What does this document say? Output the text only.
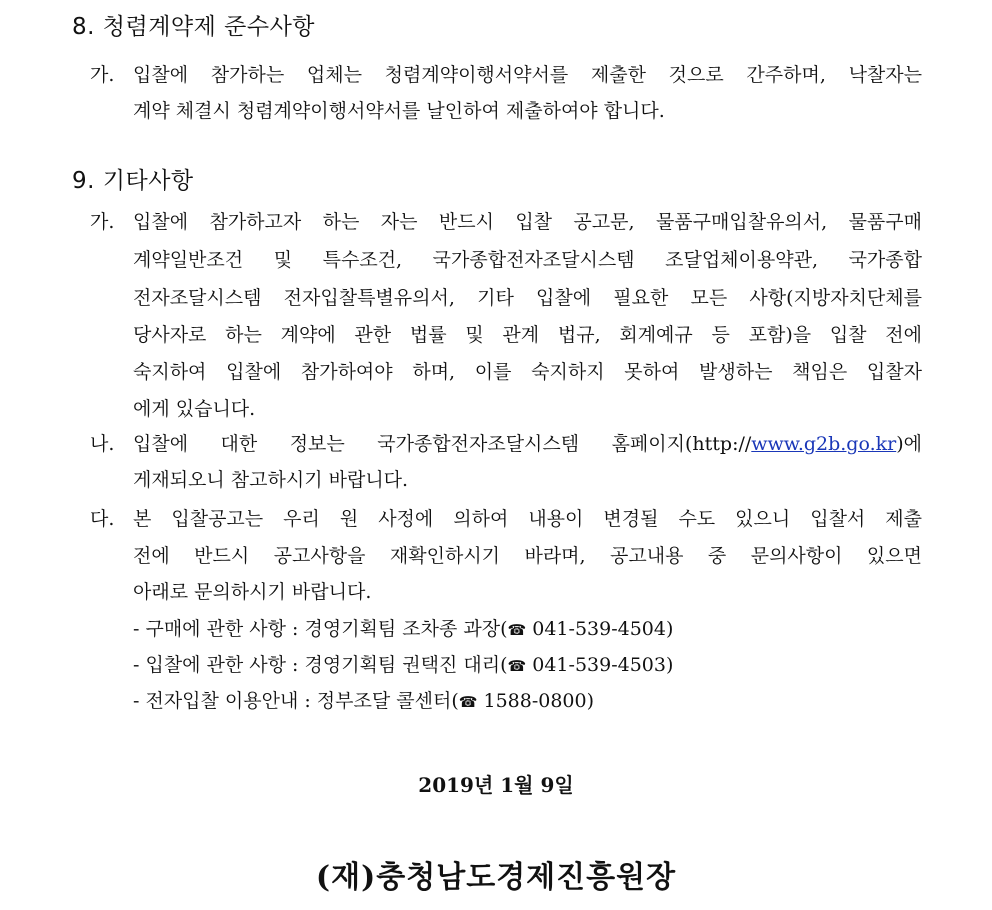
8. 청렴계약제 준수사항
가. 입찰에 참가하는 업체는 청렴계약이행서약서를 제출한 것으로 간주하며, 낙찰자는
계약 체결시 청렴계약이행서약서를 날인하여 제출하여야 합니다.
9. 기타사항
가. 입찰에 참가하고자 하는 자는 반드시 입찰 공고문, 물품구매입찰유의서, 물품구매
계약일반조건 및 특수조건, 국가종합전자조달시스템 조달업체이용약관, 국가종합
전자조달시스템 전자입찰특별유의서, 기타 입찰에 필요한 모든 사항(지방자치단체를
당사자로 하는 계약에 관한 법률 및 관계 법규, 회계예규 등 포함)을 입찰 전에
숙지하여 입찰에 참가하여야 하며, 이를 숙지하지 못하여 발생하는 책임은 입찰자
에게 있습니다.
나. 입찰에 대한 정보는 국가종합전자조달시스템 홈페이지(http://www.g2b.go.kr)에
게재되오니 참고하시기 바랍니다.
다. 본 입찰공고는 우리 원 사정에 의하여 내용이 변경될 수도 있으니 입찰서 제출
전에 반드시 공고사항을 재확인하시기 바라며, 공고내용 중 문의사항이 있으면
아래로 문의하시기 바랍니다.
- 구매에 관한 사항 : 경영기획팀 조차종 과장(☎ 041-539-4504)
- 입찰에 관한 사항 : 경영기획팀 권택진 대리(☎ 041-539-4503)
- 전자입찰 이용안내 : 정부조달 콜센터(☎ 1588-0800)
2019년 1월 9일
(재)충청남도경제진흥원장
